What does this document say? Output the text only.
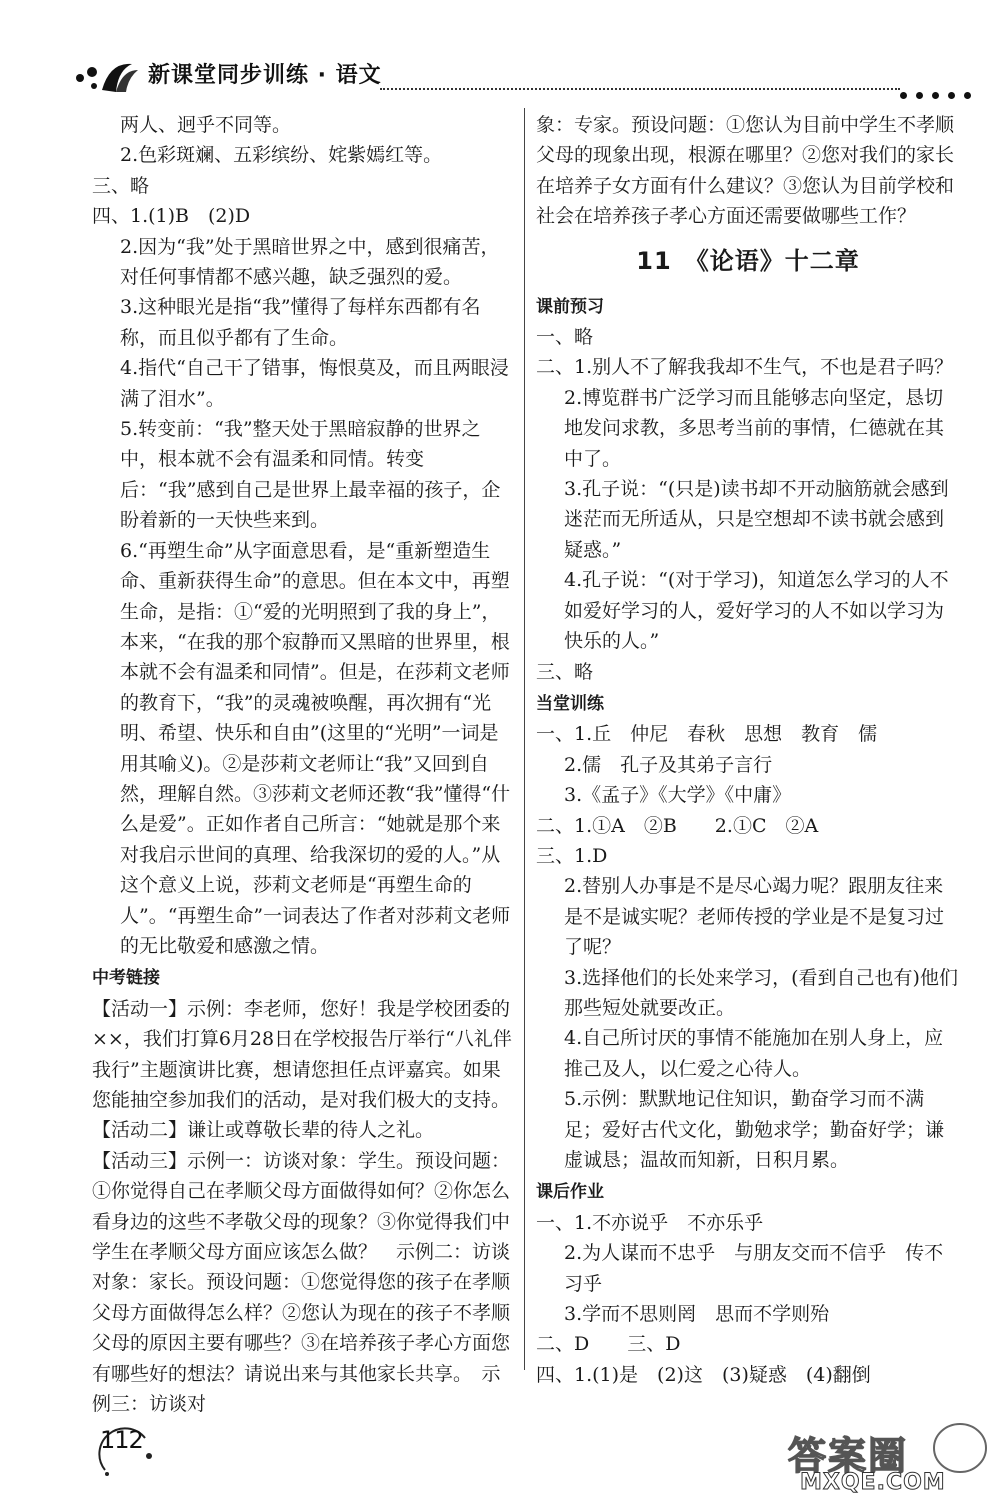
新课堂同步训练 · 语文

两人、迥乎不同等。

2.色彩斑斓、五彩缤纷、姹紫嫣红等。

三、略

四、1.(1)B　(2)D

2.因为“我”处于黑暗世界之中，感到很痛苦，对任何事情都不感兴趣，缺乏强烈的爱。

3.这种眼光是指“我”懂得了每样东西都有名称，而且似乎都有了生命。

4.指代“自己干了错事，悔恨莫及，而且两眼浸满了泪水”。

5.转变前：“我”整天处于黑暗寂静的世界之中，根本就不会有温柔和同情。转变后：“我”感到自己是世界上最幸福的孩子，企盼着新的一天快些来到。

6.“再塑生命”从字面意思看，是“重新塑造生命、重新获得生命”的意思。但在本文中，再塑生命，是指：①“爱的光明照到了我的身上”，本来，“在我的那个寂静而又黑暗的世界里，根本就不会有温柔和同情”。但是，在莎莉文老师的教育下，“我”的灵魂被唤醒，再次拥有“光明、希望、快乐和自由”(这里的“光明”一词是用其喻义)。②是莎莉文老师让“我”又回到自然，理解自然。③莎莉文老师还教“我”懂得“什么是爱”。正如作者自己所言：“她就是那个来对我启示世间的真理、给我深切的爱的人。”从这个意义上说，莎莉文老师是“再塑生命的人”。“再塑生命”一词表达了作者对莎莉文老师的无比敬爱和感激之情。

中考链接

【活动一】示例：李老师，您好！我是学校团委的××，我们打算6月28日在学校报告厅举行“八礼伴我行”主题演讲比赛，想请您担任点评嘉宾。如果您能抽空参加我们的活动，是对我们极大的支持。

【活动二】谦让或尊敬长辈的待人之礼。

【活动三】示例一：访谈对象：学生。预设问题：①你觉得自己在孝顺父母方面做得如何？②你怎么看身边的这些不孝敬父母的现象？③你觉得我们中学生在孝顺父母方面应该怎么做？　示例二：访谈对象：家长。预设问题：①您觉得您的孩子在孝顺父母方面做得怎么样？②您认为现在的孩子不孝顺父母的原因主要有哪些？③在培养孩子孝心方面您有哪些好的想法？请说出来与其他家长共享。　示例三：访谈对

象：专家。预设问题：①您认为目前中学生不孝顺父母的现象出现，根源在哪里？②您对我们的家长在培养子女方面有什么建议？③您认为目前学校和社会在培养孩子孝心方面还需要做哪些工作？

11　《论语》十二章

课前预习

一、略

二、1.别人不了解我我却不生气，不也是君子吗？

2.博览群书广泛学习而且能够志向坚定，恳切地发问求教，多思考当前的事情，仁德就在其中了。

3.孔子说：“(只是)读书却不开动脑筋就会感到迷茫而无所适从，只是空想却不读书就会感到疑惑。”

4.孔子说：“(对于学习)，知道怎么学习的人不如爱好学习的人，爱好学习的人不如以学习为快乐的人。”

三、略

当堂训练

一、1.丘　仲尼　春秋　思想　教育　儒

2.儒　孔子及其弟子言行

3.《孟子》《大学》《中庸》

二、1.①A　②B　　2.①C　②A

三、1.D

2.替别人办事是不是尽心竭力呢？跟朋友往来是不是诚实呢？老师传授的学业是不是复习过了呢？

3.选择他们的长处来学习，(看到自己也有)他们那些短处就要改正。

4.自己所讨厌的事情不能施加在别人身上，应推己及人，以仁爱之心待人。

5.示例：默默地记住知识，勤奋学习而不满足；爱好古代文化，勤勉求学；勤奋好学；谦虚诚恳；温故而知新，日积月累。

课后作业

一、1.不亦说乎　不亦乐乎

2.为人谋而不忠乎　与朋友交而不信乎　传不习乎

3.学而不思则罔　思而不学则殆

二、D　　三、D

四、1.(1)是　(2)这　(3)疑惑　(4)翻倒

112	答案圈
MXQE.COM
